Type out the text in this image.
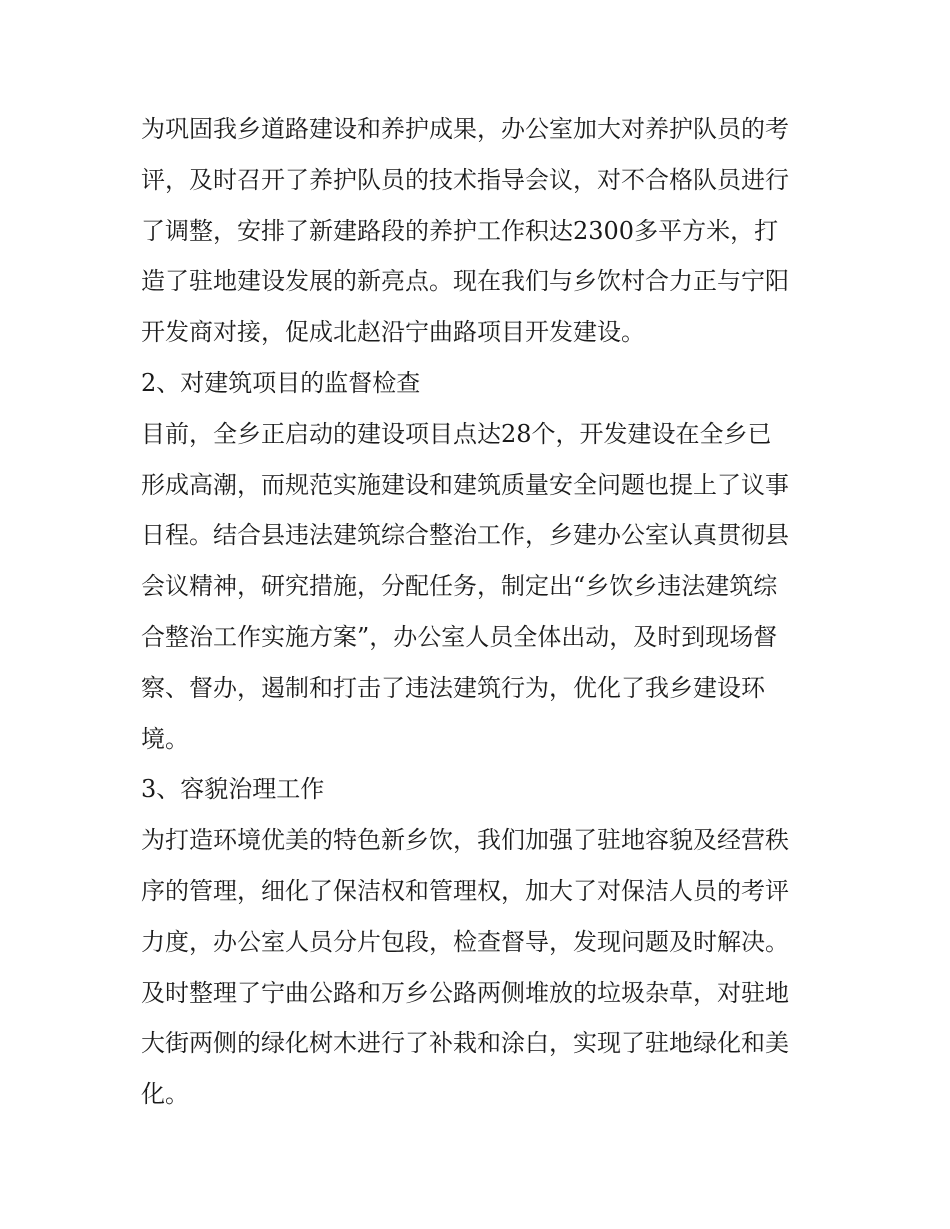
为巩固我乡道路建设和养护成果，办公室加大对养护队员的考
评，及时召开了养护队员的技术指导会议，对不合格队员进行
了调整，安排了新建路段的养护工作积达2300多平方米，打
造了驻地建设发展的新亮点。现在我们与乡饮村合力正与宁阳
开发商对接，促成北赵沿宁曲路项目开发建设。
2、对建筑项目的监督检查
目前，全乡正启动的建设项目点达28个，开发建设在全乡已
形成高潮，而规范实施建设和建筑质量安全问题也提上了议事
日程。结合县违法建筑综合整治工作，乡建办公室认真贯彻县
会议精神，研究措施，分配任务，制定出“乡饮乡违法建筑综
合整治工作实施方案”，办公室人员全体出动，及时到现场督
察、督办，遏制和打击了违法建筑行为，优化了我乡建设环
境。
3、容貌治理工作
为打造环境优美的特色新乡饮，我们加强了驻地容貌及经营秩
序的管理，细化了保洁权和管理权，加大了对保洁人员的考评
力度，办公室人员分片包段，检查督导，发现问题及时解决。
及时整理了宁曲公路和万乡公路两侧堆放的垃圾杂草，对驻地
大街两侧的绿化树木进行了补栽和涂白，实现了驻地绿化和美
化。
